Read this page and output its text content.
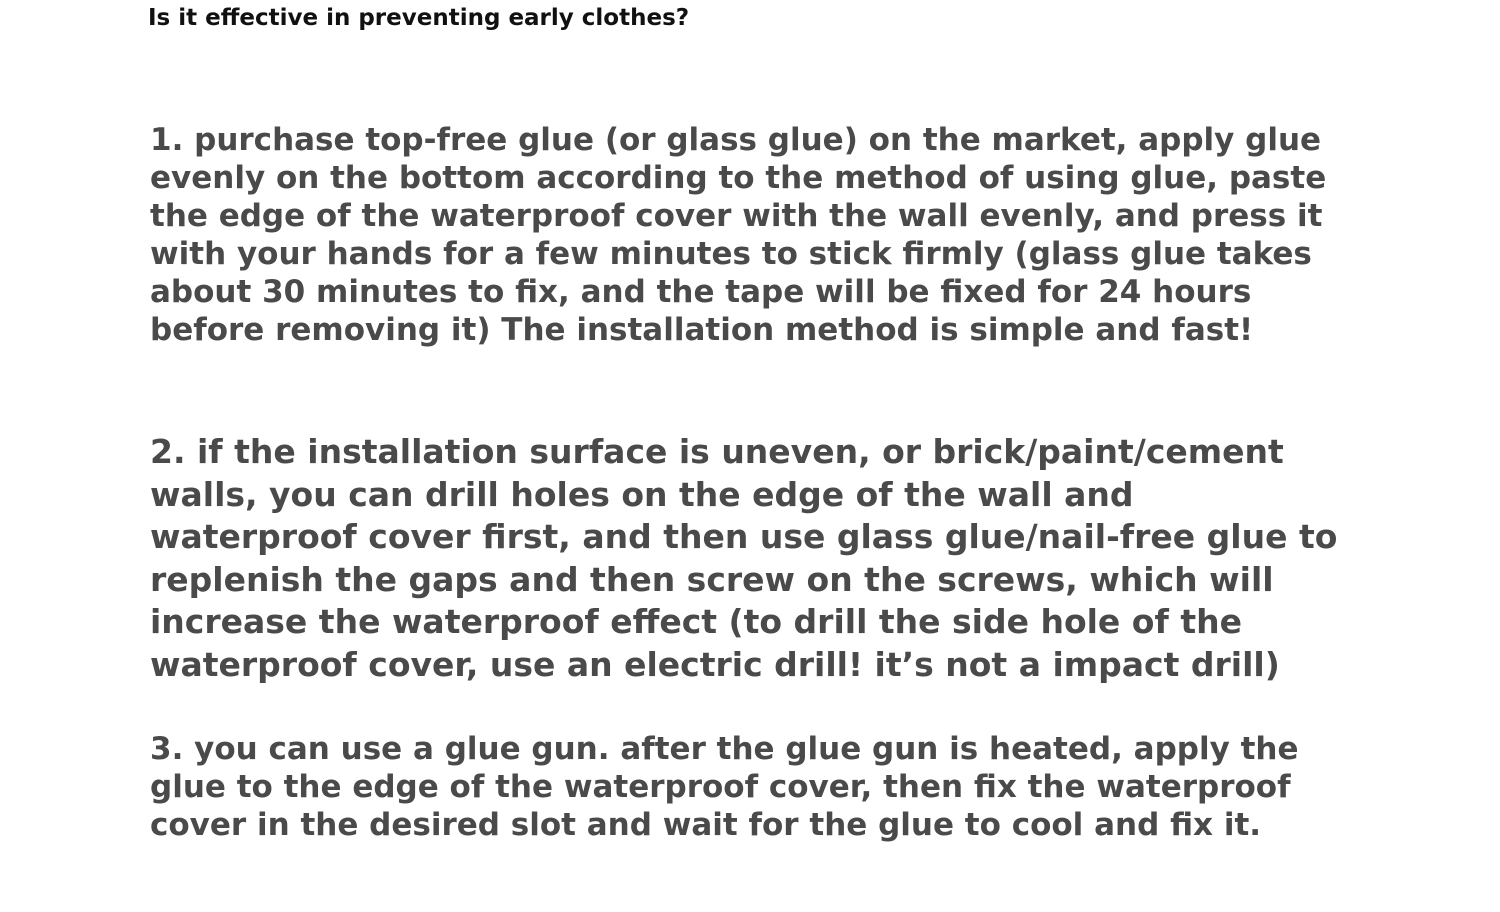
Is it effective in preventing early clothes?

1. purchase top-free glue (or glass glue) on the market, apply glue evenly on the bottom according to the method of using glue, paste the edge of the waterproof cover with the wall evenly, and press it with your hands for a few minutes to stick firmly (glass glue takes about 30 minutes to fix, and the tape will be fixed for 24 hours before removing it) The installation method is simple and fast!

2. if the installation surface is uneven, or brick/paint/cement walls, you can drill holes on the edge of the wall and waterproof cover first, and then use glass glue/nail-free glue to replenish the gaps and then screw on the screws, which will increase the waterproof effect (to drill the side hole of the waterproof cover, use an electric drill! it’s not a impact drill)

3. you can use a glue gun. after the glue gun is heated, apply the glue to the edge of the waterproof cover, then fix the waterproof cover in the desired slot and wait for the glue to cool and fix it.
